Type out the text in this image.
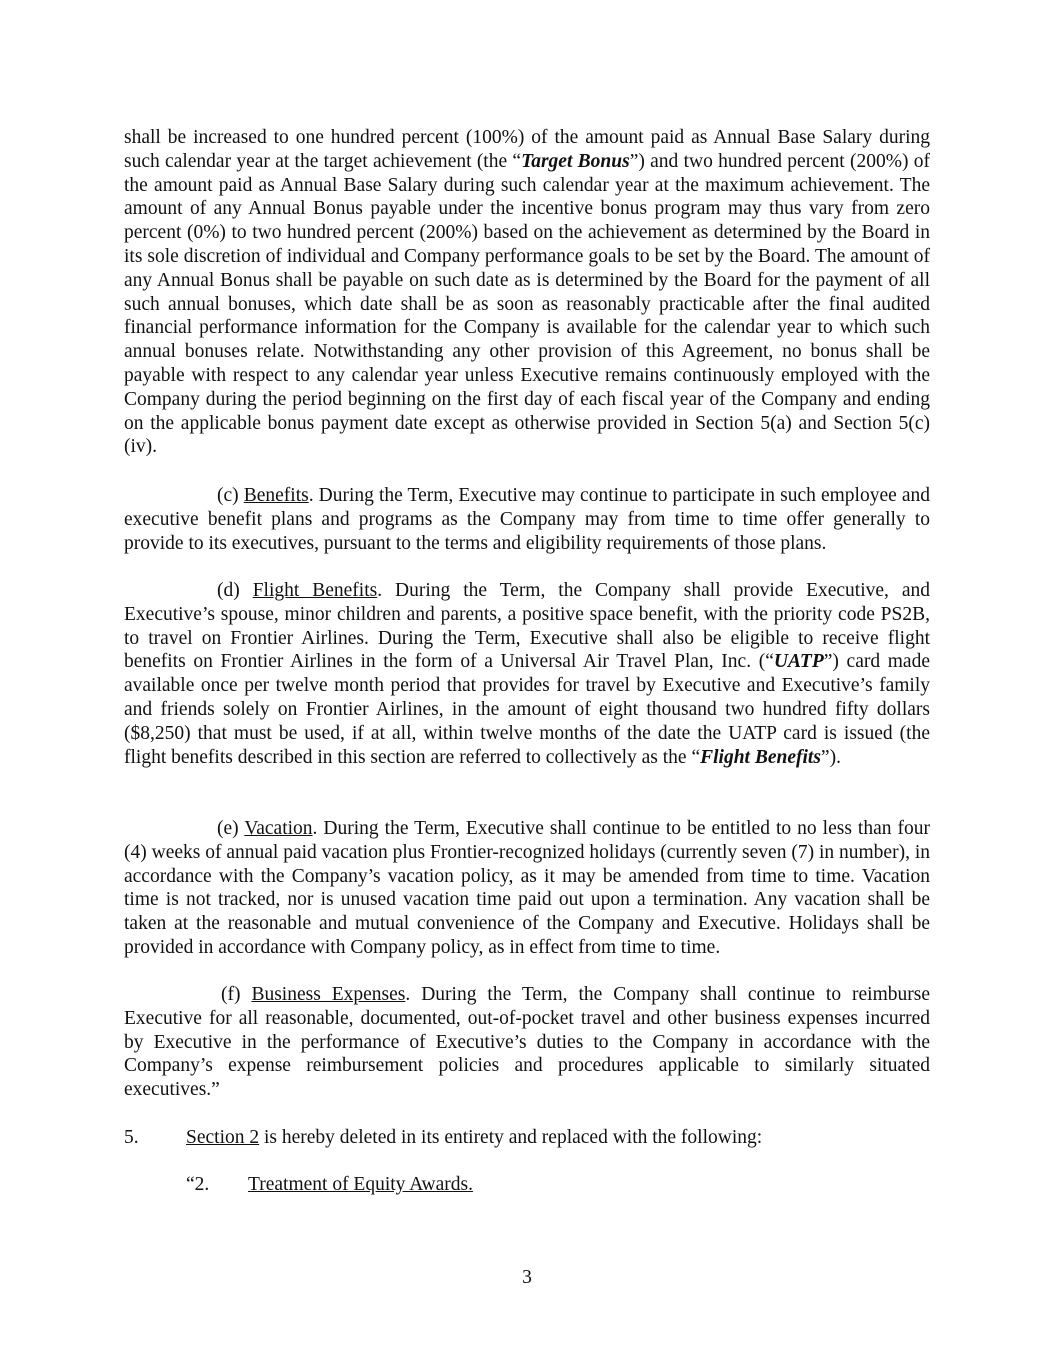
shall be increased to one hundred percent (100%) of the amount paid as Annual Base Salary during such calendar year at the target achievement (the “Target Bonus”) and two hundred percent (200%) of the amount paid as Annual Base Salary during such calendar year at the maximum achievement. The amount of any Annual Bonus payable under the incentive bonus program may thus vary from zero percent (0%) to two hundred percent (200%) based on the achievement as determined by the Board in its sole discretion of individual and Company performance goals to be set by the Board. The amount of any Annual Bonus shall be payable on such date as is determined by the Board for the payment of all such annual bonuses, which date shall be as soon as reasonably practicable after the final audited financial performance information for the Company is available for the calendar year to which such annual bonuses relate. Notwithstanding any other provision of this Agreement, no bonus shall be payable with respect to any calendar year unless Executive remains continuously employed with the Company during the period beginning on the first day of each fiscal year of the Company and ending on the applicable bonus payment date except as otherwise provided in Section 5(a) and Section 5(c)(iv).

(c) Benefits. During the Term, Executive may continue to participate in such employee and executive benefit plans and programs as the Company may from time to time offer generally to provide to its executives, pursuant to the terms and eligibility requirements of those plans.

(d) Flight Benefits. During the Term, the Company shall provide Executive, and Executive’s spouse, minor children and parents, a positive space benefit, with the priority code PS2B, to travel on Frontier Airlines. During the Term, Executive shall also be eligible to receive flight benefits on Frontier Airlines in the form of a Universal Air Travel Plan, Inc. (“UATP”) card made available once per twelve month period that provides for travel by Executive and Executive’s family and friends solely on Frontier Airlines, in the amount of eight thousand two hundred fifty dollars ($8,250) that must be used, if at all, within twelve months of the date the UATP card is issued (the flight benefits described in this section are referred to collectively as the “Flight Benefits”).

(e) Vacation. During the Term, Executive shall continue to be entitled to no less than four (4) weeks of annual paid vacation plus Frontier-recognized holidays (currently seven (7) in number), in accordance with the Company’s vacation policy, as it may be amended from time to time. Vacation time is not tracked, nor is unused vacation time paid out upon a termination. Any vacation shall be taken at the reasonable and mutual convenience of the Company and Executive. Holidays shall be provided in accordance with Company policy, as in effect from time to time.

(f) Business Expenses. During the Term, the Company shall continue to reimburse Executive for all reasonable, documented, out-of-pocket travel and other business expenses incurred by Executive in the performance of Executive’s duties to the Company in accordance with the Company’s expense reimbursement policies and procedures applicable to similarly situated executives.”

5. Section 2 is hereby deleted in its entirety and replaced with the following:
“2. Treatment of Equity Awards.
3
